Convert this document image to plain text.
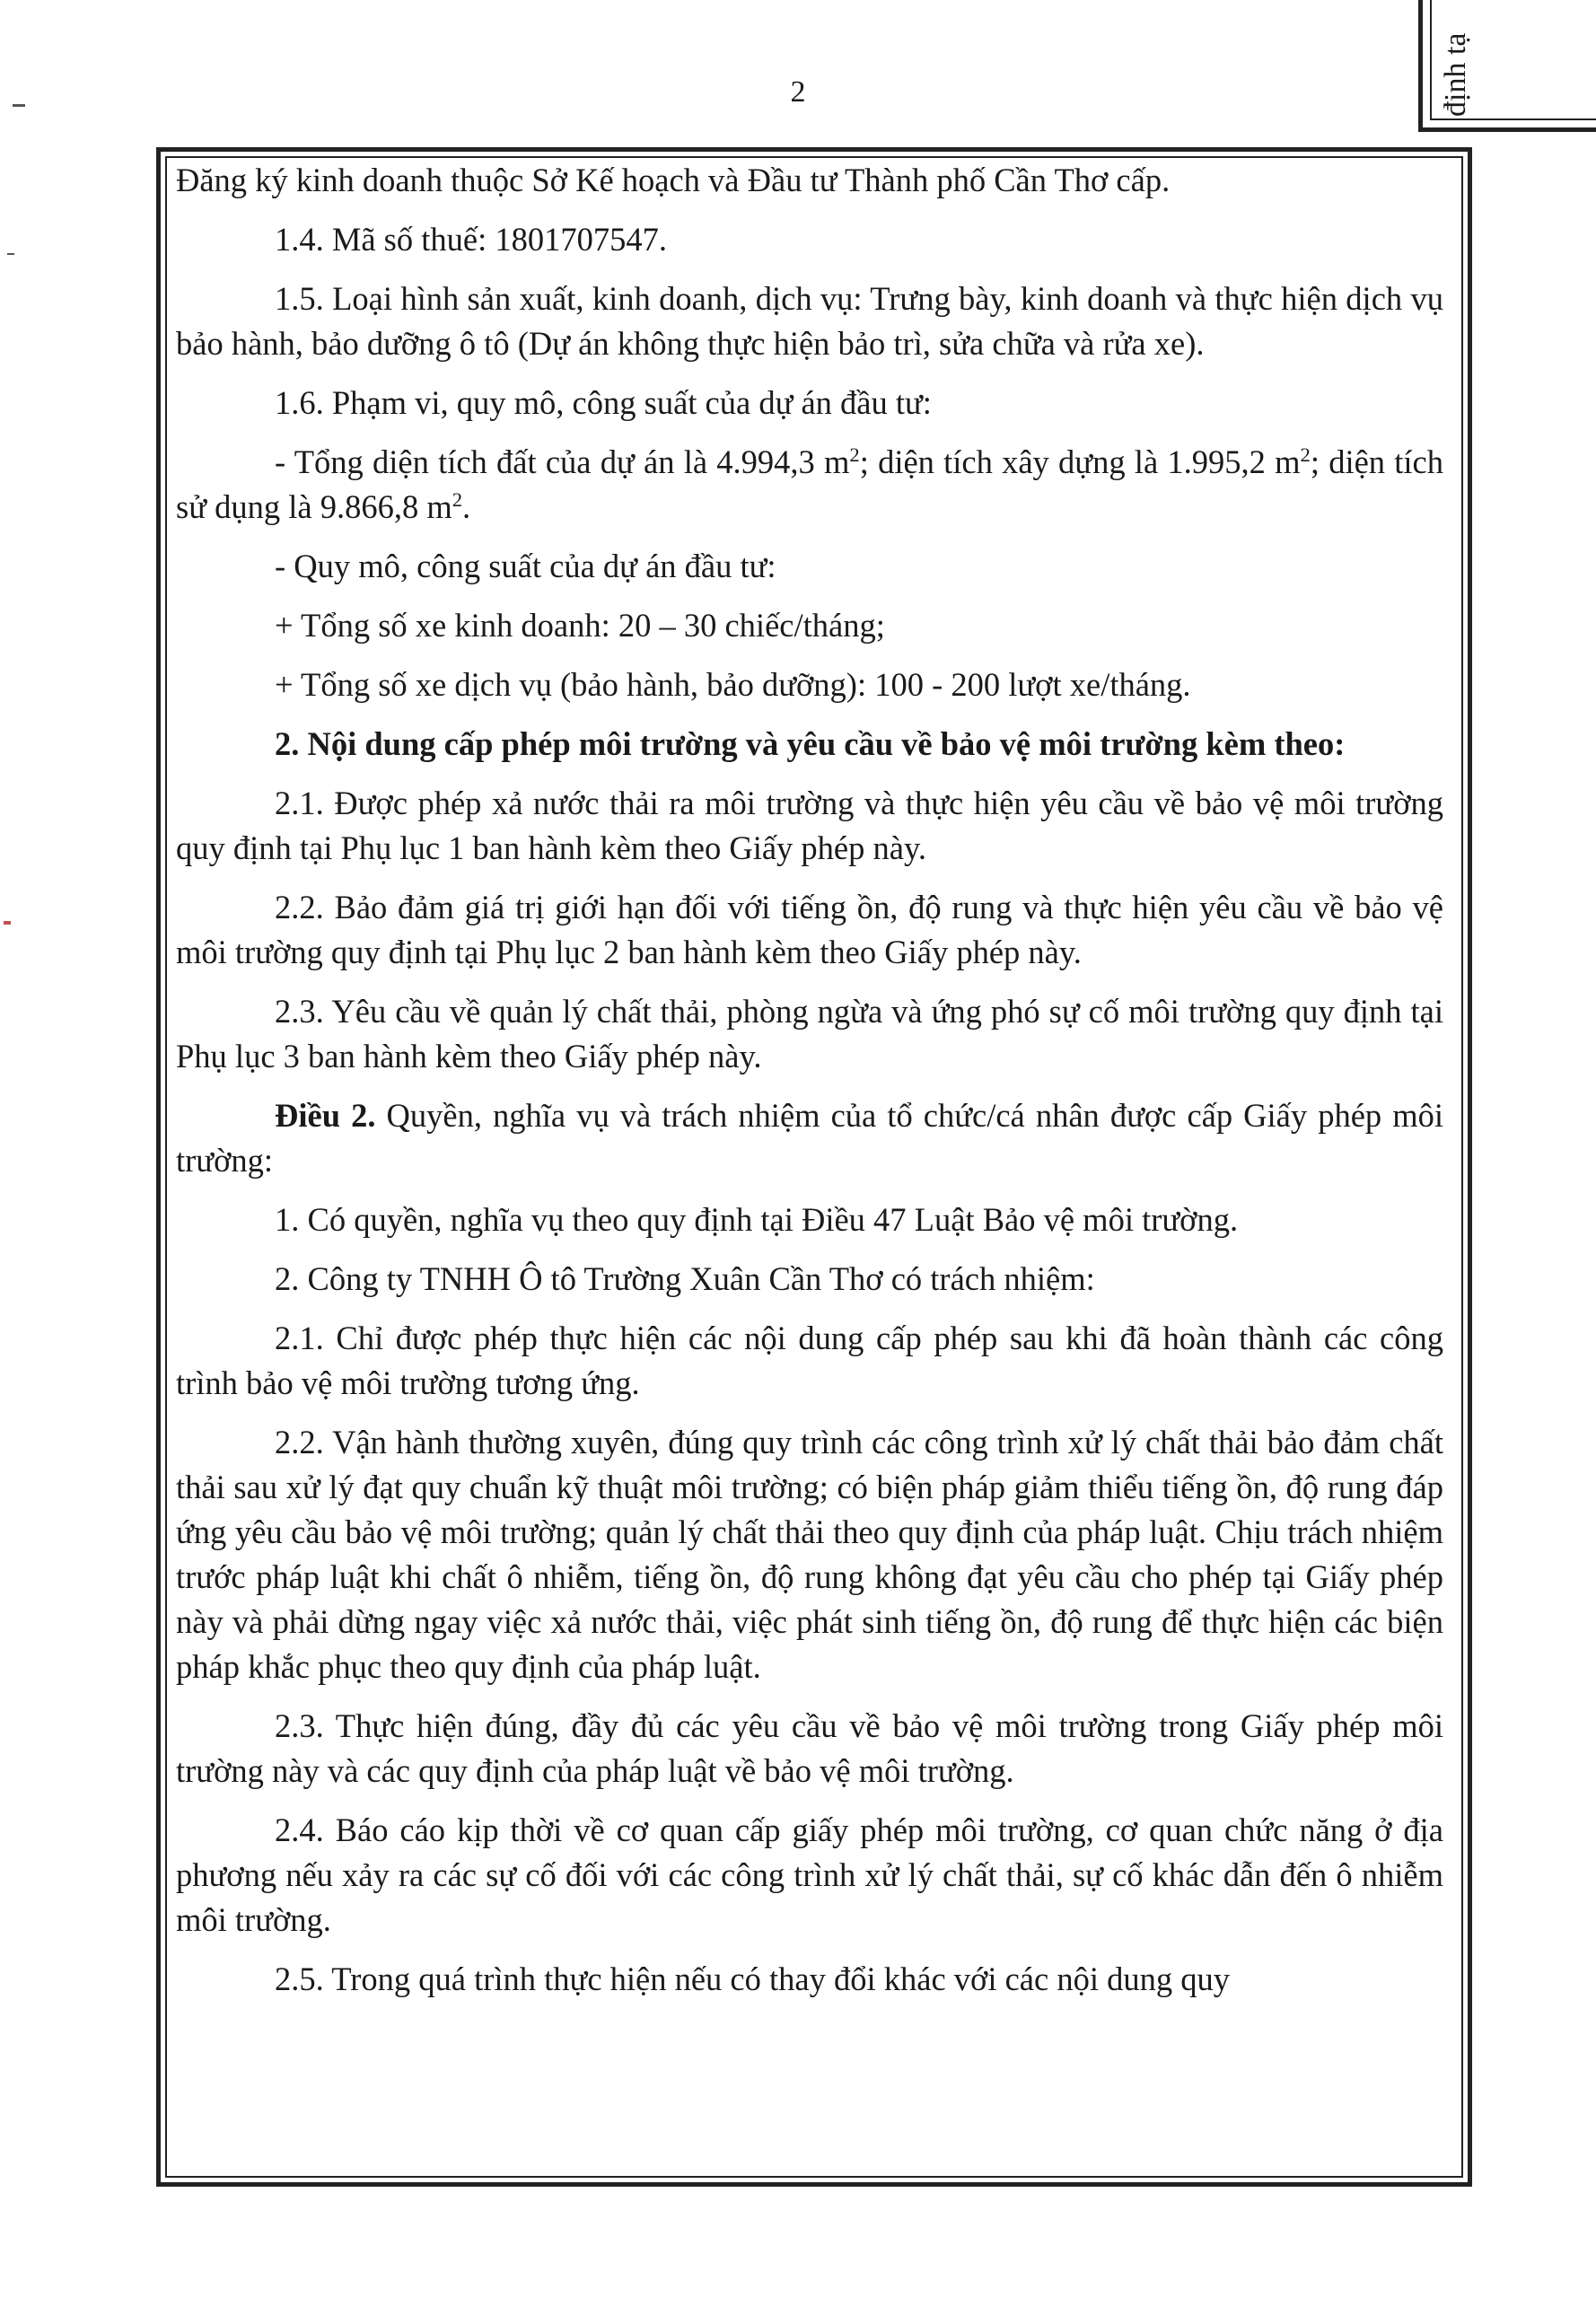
2	định tạ

Đăng ký kinh doanh thuộc Sở Kế hoạch và Đầu tư Thành phố Cần Thơ cấp.

1.4. Mã số thuế: 1801707547.

1.5. Loại hình sản xuất, kinh doanh, dịch vụ: Trưng bày, kinh doanh và thực hiện dịch vụ bảo hành, bảo dưỡng ô tô (Dự án không thực hiện bảo trì, sửa chữa và rửa xe).

1.6. Phạm vi, quy mô, công suất của dự án đầu tư:

- Tổng diện tích đất của dự án là 4.994,3 $m^2$; diện tích xây dựng là 1.995,2 $m^2$; diện tích sử dụng là 9.866,8 $m^2$.

- Quy mô, công suất của dự án đầu tư:

+ Tổng số xe kinh doanh: 20 – 30 chiếc/tháng;

+ Tổng số xe dịch vụ (bảo hành, bảo dưỡng): 100 - 200 lượt xe/tháng.

2. Nội dung cấp phép môi trường và yêu cầu về bảo vệ môi trường kèm theo:

2.1. Được phép xả nước thải ra môi trường và thực hiện yêu cầu về bảo vệ môi trường quy định tại Phụ lục 1 ban hành kèm theo Giấy phép này.

2.2. Bảo đảm giá trị giới hạn đối với tiếng ồn, độ rung và thực hiện yêu cầu về bảo vệ môi trường quy định tại Phụ lục 2 ban hành kèm theo Giấy phép này.

2.3. Yêu cầu về quản lý chất thải, phòng ngừa và ứng phó sự cố môi trường quy định tại Phụ lục 3 ban hành kèm theo Giấy phép này.

Điều 2. Quyền, nghĩa vụ và trách nhiệm của tổ chức/cá nhân được cấp Giấy phép môi trường:

1. Có quyền, nghĩa vụ theo quy định tại Điều 47 Luật Bảo vệ môi trường.

2. Công ty TNHH Ô tô Trường Xuân Cần Thơ có trách nhiệm:

2.1. Chỉ được phép thực hiện các nội dung cấp phép sau khi đã hoàn thành các công trình bảo vệ môi trường tương ứng.

2.2. Vận hành thường xuyên, đúng quy trình các công trình xử lý chất thải bảo đảm chất thải sau xử lý đạt quy chuẩn kỹ thuật môi trường; có biện pháp giảm thiểu tiếng ồn, độ rung đáp ứng yêu cầu bảo vệ môi trường; quản lý chất thải theo quy định của pháp luật. Chịu trách nhiệm trước pháp luật khi chất ô nhiễm, tiếng ồn, độ rung không đạt yêu cầu cho phép tại Giấy phép này và phải dừng ngay việc xả nước thải, việc phát sinh tiếng ồn, độ rung để thực hiện các biện pháp khắc phục theo quy định của pháp luật.

2.3. Thực hiện đúng, đầy đủ các yêu cầu về bảo vệ môi trường trong Giấy phép môi trường này và các quy định của pháp luật về bảo vệ môi trường.

2.4. Báo cáo kịp thời về cơ quan cấp giấy phép môi trường, cơ quan chức năng ở địa phương nếu xảy ra các sự cố đối với các công trình xử lý chất thải, sự cố khác dẫn đến ô nhiễm môi trường.

2.5. Trong quá trình thực hiện nếu có thay đổi khác với các nội dung quy
